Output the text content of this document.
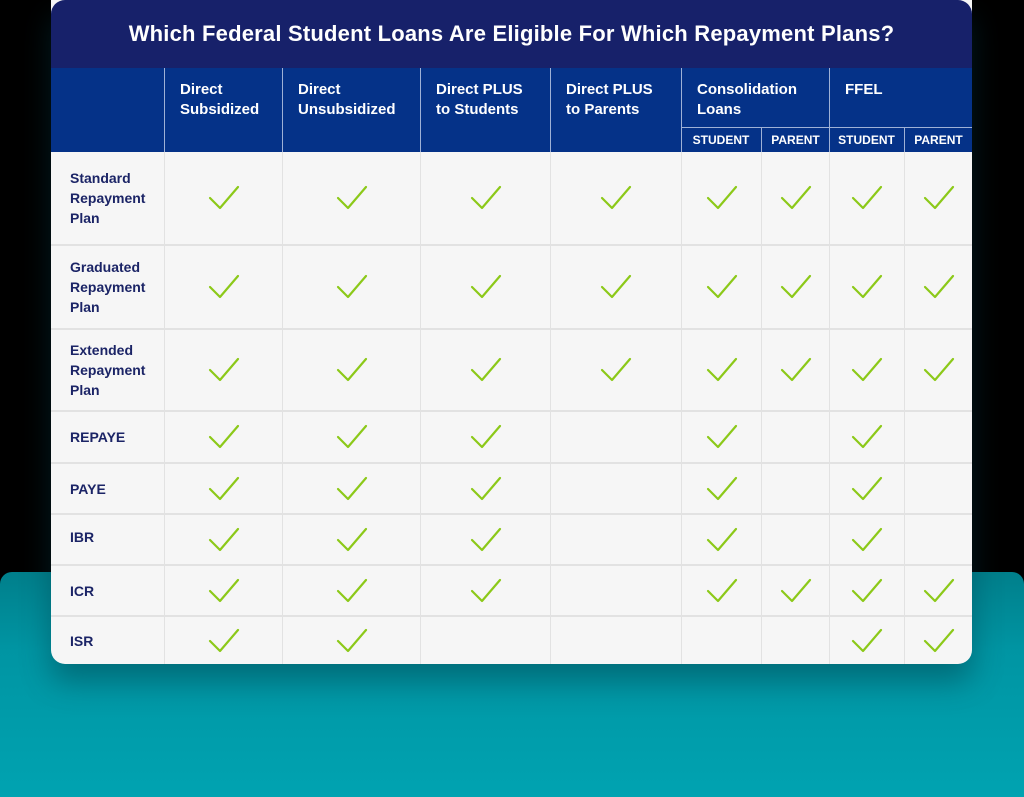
Which Federal Student Loans Are Eligible For Which Repayment Plans?
Direct
Subsidized
Direct
Unsubsidized
Direct PLUS
to Students
Direct PLUS
to Parents
Consolidation
Loans
STUDENT	PARENT
FFEL
STUDENT	PARENT
Standard
Repayment
Plan
Graduated
Repayment
Plan
Extended
Repayment
Plan
REPAYE
PAYE
IBR
ICR
ISR
